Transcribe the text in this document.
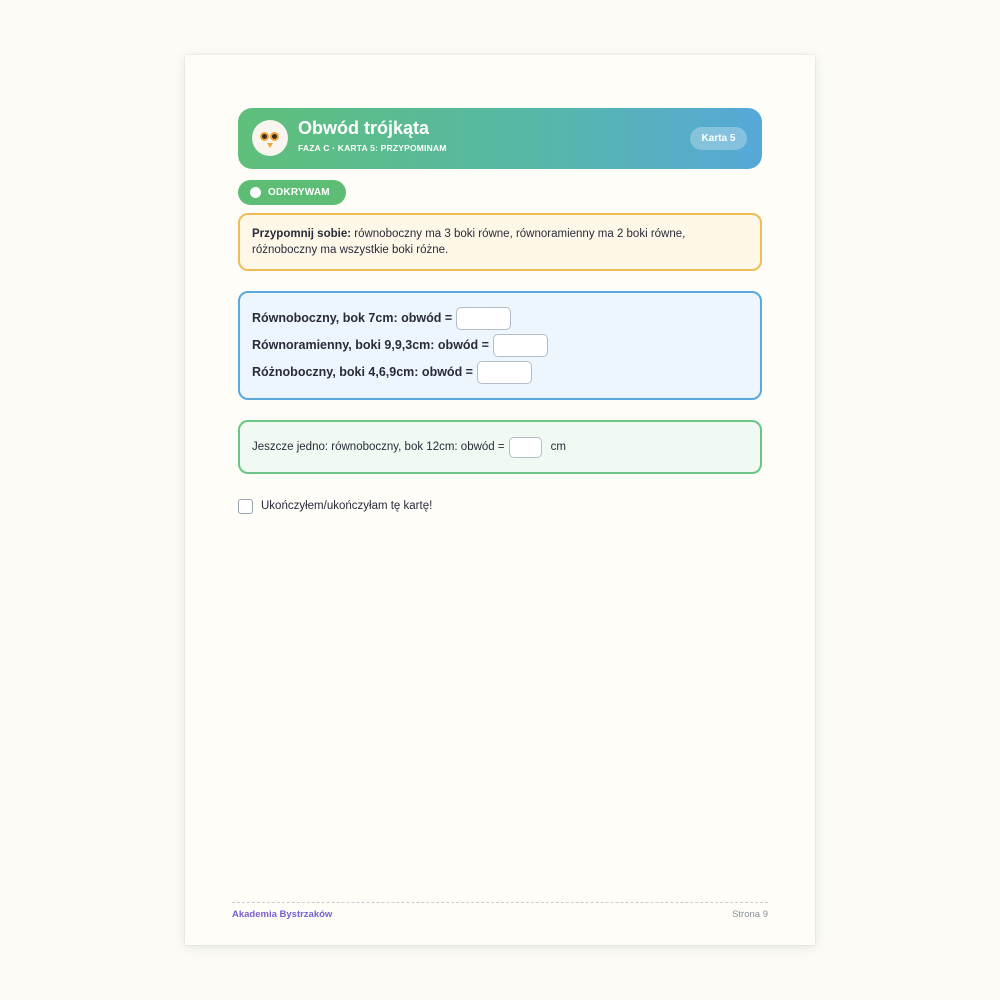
Obwód trójkąta
FAZA C · KARTA 5: PRZYPOMINAM
Karta 5
ODKRYWAM
Przypomnij sobie: równoboczny ma 3 boki równe, równoramienny ma 2 boki równe, różnoboczny ma wszystkie boki różne.
Równoboczny, bok 7cm: obwód =
Równoramienny, boki 9,9,3cm: obwód =
Różnoboczny, boki 4,6,9cm: obwód =
Jeszcze jedno: równoboczny, bok 12cm: obwód =	cm
Ukończyłem/ukończyłam tę kartę!
Akademia Bystrzaków	Strona 9
